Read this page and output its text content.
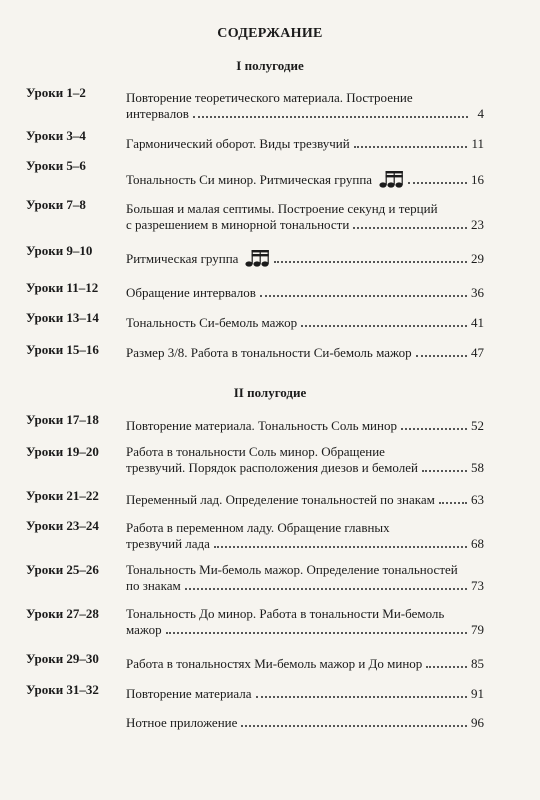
СОДЕРЖАНИЕ
I полугодие
Уроки 1–2	Повторение теоретического материала. Построение
интервалов	4
Уроки 3–4
Гармонический оборот. Виды трезвучий	11
Уроки 5–6
Тональность Си минор. Ритмическая группа	16
Уроки 7–8	Большая и малая септимы. Построение секунд и терций
с разрешением в минорной тональности	23
Уроки 9–10
Ритмическая группа	29
Уроки 11–12 Обращение интервалов	36
Уроки 13–14 Тональность Си-бемоль мажор	41
Уроки 15–16 Размер 3/8. Работа в тональности Си-бемоль мажор	47
II полугодие
Уроки 17–18 Повторение материала. Тональность Соль минор	52
Уроки 19–20 Работа в тональности Соль минор. Обращение
трезвучий. Порядок расположения диезов и бемолей	58
Уроки 21–22 Переменный лад. Определение тональностей по знакам	63
Уроки 23–24 Работа в переменном ладу. Обращение главных
трезвучий лада	68
Уроки 25–26 Тональность Ми-бемоль мажор. Определение тональностей
по знакам	73
Уроки 27–28 Тональность До минор. Работа в тональности Ми-бемоль
мажор	79
Уроки 29–30 Работа в тональностях Ми-бемоль мажор и До минор	85
Уроки 31–32 Повторение материала	91
Нотное приложение	96
